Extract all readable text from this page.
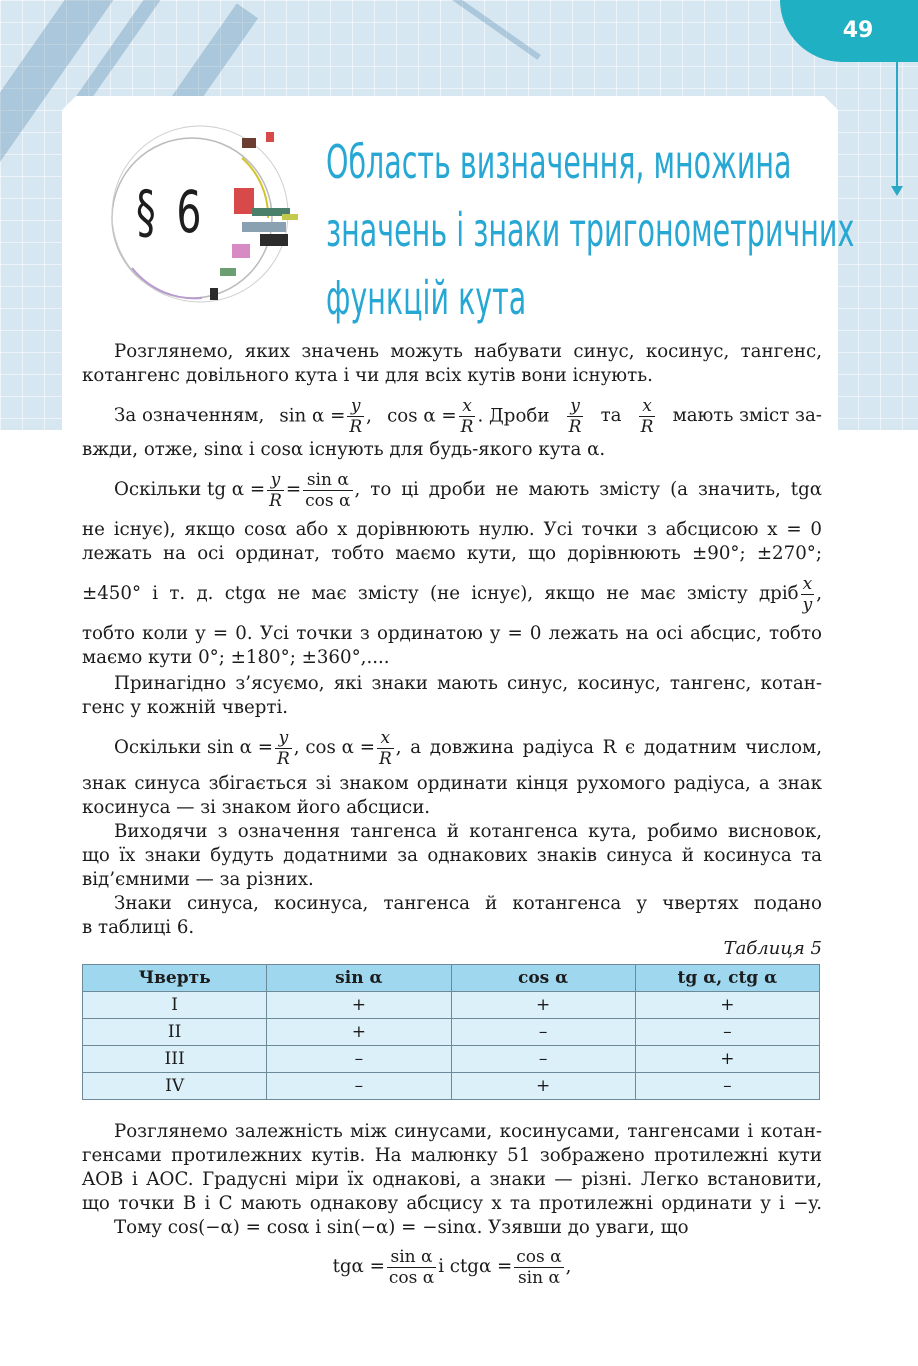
49
§ 6
Область визначення, множина
значень і знаки тригонометричних
функцій кута
Розглянемо, яких значень можуть набувати синус, косинус, тангенс,
котангенс довільного кута і чи для всіх кутів вони існують.
За означенням, $\sin \alpha = \frac{y}{R}$ , $\cos \alpha = \frac{x}{R}$ . Дроби $\frac{y}{R}$ та $\frac{x}{R}$ мають зміст за-
вжди, отже, sinα і cosα існують для будь-якого кута α.
Оскільки
tg $\alpha = \frac{y}{R} = \frac{\text{sin α}}{\text{cos α}}$ , то ці дроби не мають змісту (а значить, tgα
не існує), якщо cosα або x дорівнюють нулю. Усі точки з абсцисою x = 0
лежать на осі ординат, тобто маємо кути, що дорівнюють ±90°; ±270°;
±450° і т. д. ctgα не має змісту (не існує), якщо не має змісту дріб $\frac{x}{y}$ ,
тобто коли y = 0. Усі точки з ординатою y = 0 лежать на осі абсцис, тобто
маємо кути 0°; ±180°; ±360°,....
Принагідно з’ясуємо, які знаки мають синус, косинус, тангенс, котан-
генс у кожній чверті.
Оскільки
$\sin \alpha = \frac{y}{R}$ , $\cos \alpha = \frac{x}{R}$ , а довжина радіуса R є додатним числом,
знак синуса збігається зі знаком ординати кінця рухомого радіуса, а знак
косинуса — зі знаком його абсциси.
Виходячи з означення тангенса й котангенса кута, робимо висновок,
що їх знаки будуть додатними за однакових знаків синуса й косинуса та
від’ємними — за різних.
Знаки синуса, косинуса, тангенса й котангенса у чвертях подано
в таблиці 6.
Розглянемо залежність між синусами, косинусами, тангенсами і котан-
генсами протилежних кутів. На малюнку 51 зображено протилежні кути
AOB і AOC. Градусні міри їх однакові, а знаки — різні. Легко встановити,
що точки B і C мають однакову абсцису x та протилежні ординати y і −y.
Тому cos(−α) = cosα і sin(−α) = −sinα. Узявши до уваги, що
$tg\alpha = \frac{\text{sin α}}{\text{cos α}}$ і $ctg\alpha = \frac{\text{cos α}}{\text{sin α}}$ ,
Таблиця 5
Чверть	sin α	cos α	tg α, ctg α
I	+	+	+
II	+	–	–
III	–	–	+
IV	–	+	–
